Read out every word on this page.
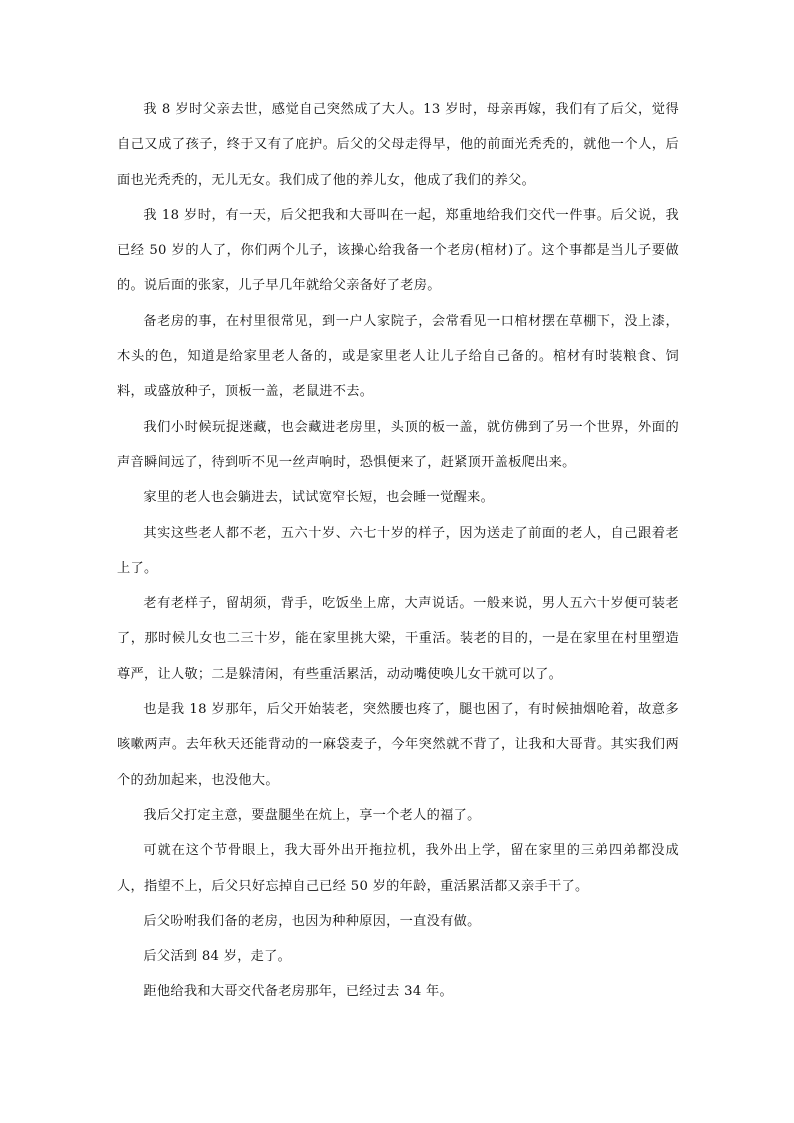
我 8 岁时父亲去世，感觉自己突然成了大人。13 岁时，母亲再嫁，我们有了后父，觉得自己又成了孩子，终于又有了庇护。后父的父母走得早，他的前面光秃秃的，就他一个人，后面也光秃秃的，无儿无女。我们成了他的养儿女，他成了我们的养父。

我 18 岁时，有一天，后父把我和大哥叫在一起，郑重地给我们交代一件事。后父说，我已经 50 岁的人了，你们两个儿子，该操心给我备一个老房(棺材)了。这个事都是当儿子要做的。说后面的张家，儿子早几年就给父亲备好了老房。

备老房的事，在村里很常见，到一户人家院子，会常看见一口棺材摆在草棚下，没上漆，木头的色，知道是给家里老人备的，或是家里老人让儿子给自己备的。棺材有时装粮食、饲料，或盛放种子，顶板一盖，老鼠进不去。

我们小时候玩捉迷藏，也会藏进老房里，头顶的板一盖，就仿佛到了另一个世界，外面的声音瞬间远了，待到听不见一丝声响时，恐惧便来了，赶紧顶开盖板爬出来。

家里的老人也会躺进去，试试宽窄长短，也会睡一觉醒来。

其实这些老人都不老，五六十岁、六七十岁的样子，因为送走了前面的老人，自己跟着老上了。

老有老样子，留胡须，背手，吃饭坐上席，大声说话。一般来说，男人五六十岁便可装老了，那时候儿女也二三十岁，能在家里挑大梁，干重活。装老的目的，一是在家里在村里塑造尊严，让人敬；二是躲清闲，有些重活累活，动动嘴使唤儿女干就可以了。

也是我 18 岁那年，后父开始装老，突然腰也疼了，腿也困了，有时候抽烟呛着，故意多咳嗽两声。去年秋天还能背动的一麻袋麦子，今年突然就不背了，让我和大哥背。其实我们两个的劲加起来，也没他大。

我后父打定主意，要盘腿坐在炕上，享一个老人的福了。

可就在这个节骨眼上，我大哥外出开拖拉机，我外出上学，留在家里的三弟四弟都没成人，指望不上，后父只好忘掉自己已经 50 岁的年龄，重活累活都又亲手干了。

后父吩咐我们备的老房，也因为种种原因，一直没有做。

后父活到 84 岁，走了。

距他给我和大哥交代备老房那年，已经过去 34 年。
